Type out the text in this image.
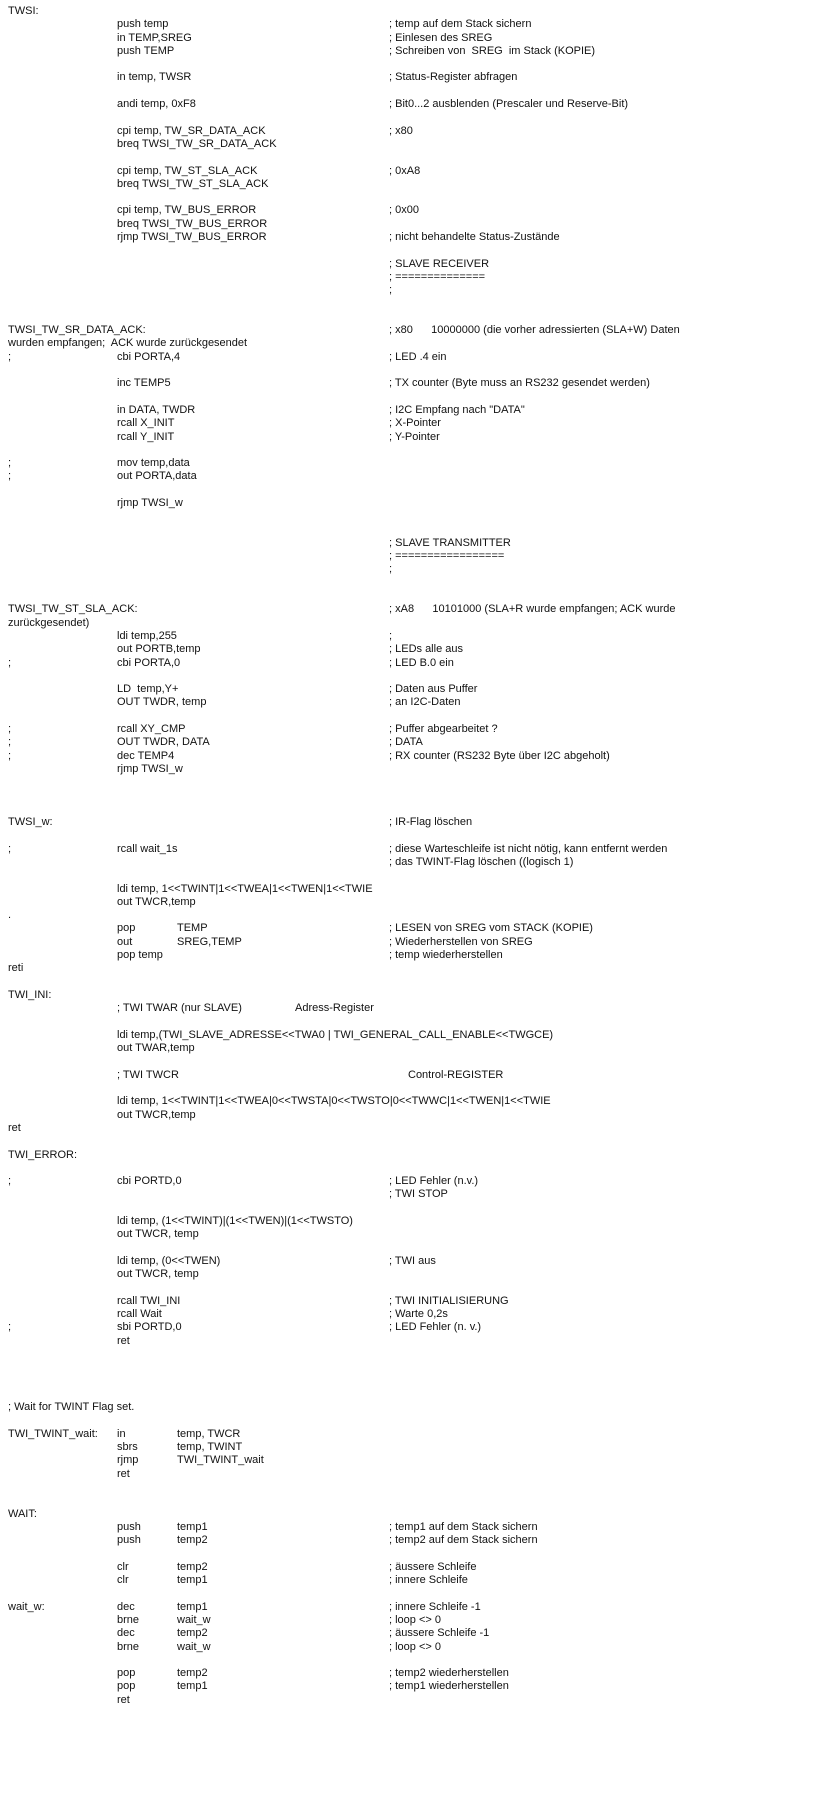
TWSI:
push temp	; temp auf dem Stack sichern
in TEMP,SREG	; Einlesen des SREG
push TEMP	; Schreiben von  SREG  im Stack (KOPIE)
in temp, TWSR	; Status-Register abfragen
andi temp, 0xF8	; Bit0...2 ausblenden (Prescaler und Reserve-Bit)
cpi temp, TW_SR_DATA_ACK	; x80
breq TWSI_TW_SR_DATA_ACK
cpi temp, TW_ST_SLA_ACK	; 0xA8
breq TWSI_TW_ST_SLA_ACK
cpi temp, TW_BUS_ERROR	; 0x00
breq TWSI_TW_BUS_ERROR
rjmp TWSI_TW_BUS_ERROR	; nicht behandelte Status-Zustände
; SLAVE RECEIVER
; ==============
;
TWSI_TW_SR_DATA_ACK:	; x80      10000000 (die vorher adressierten (SLA+W) Daten
wurden empfangen;  ACK wurde zurückgesendet
;	cbi PORTA,4	; LED .4 ein
inc TEMP5	; TX counter (Byte muss an RS232 gesendet werden)
in DATA, TWDR	; I2C Empfang nach "DATA"
rcall X_INIT	; X-Pointer
rcall Y_INIT	; Y-Pointer
;	mov temp,data
;	out PORTA,data
rjmp TWSI_w
; SLAVE TRANSMITTER
; =================
;
TWSI_TW_ST_SLA_ACK:	; xA8      10101000 (SLA+R wurde empfangen; ACK wurde
zurückgesendet)
ldi temp,255	;
out PORTB,temp	; LEDs alle aus
;	cbi PORTA,0	; LED B.0 ein
LD  temp,Y+	; Daten aus Puffer
OUT TWDR, temp	; an I2C-Daten
;	rcall XY_CMP	; Puffer abgearbeitet ?
;	OUT TWDR, DATA	; DATA
;	dec TEMP4	; RX counter (RS232 Byte über I2C abgeholt)
rjmp TWSI_w
TWSI_w:	; IR-Flag löschen
;	rcall wait_1s	; diese Warteschleife ist nicht nötig, kann entfernt werden
; das TWINT-Flag löschen ((logisch 1)
ldi temp, 1<<TWINT|1<<TWEA|1<<TWEN|1<<TWIE
out TWCR,temp
.
pop	TEMP	; LESEN von SREG vom STACK (KOPIE)
out	SREG,TEMP	; Wiederherstellen von SREG
pop temp	; temp wiederherstellen
reti
TWI_INI:
; TWI TWAR (nur SLAVE)	Adress-Register
ldi temp,(TWI_SLAVE_ADRESSE<<TWA0 | TWI_GENERAL_CALL_ENABLE<<TWGCE)
out TWAR,temp
; TWI TWCR	Control-REGISTER
ldi temp, 1<<TWINT|1<<TWEA|0<<TWSTA|0<<TWSTO|0<<TWWC|1<<TWEN|1<<TWIE
out TWCR,temp
ret
TWI_ERROR:
;	cbi PORTD,0	; LED Fehler (n.v.)
; TWI STOP
ldi temp, (1<<TWINT)|(1<<TWEN)|(1<<TWSTO)
out TWCR, temp
ldi temp, (0<<TWEN)	; TWI aus
out TWCR, temp
rcall TWI_INI	; TWI INITIALISIERUNG
rcall Wait	; Warte 0,2s
;	sbi PORTD,0	; LED Fehler (n. v.)
ret
; Wait for TWINT Flag set.
TWI_TWINT_wait: in	temp, TWCR
sbrs	temp, TWINT
rjmp	TWI_TWINT_wait
ret
WAIT:
push	temp1	; temp1 auf dem Stack sichern
push	temp2	; temp2 auf dem Stack sichern
clr	temp2	; äussere Schleife
clr	temp1	; innere Schleife
wait_w:	dec	temp1	; innere Schleife -1
brne	wait_w	; loop <> 0
dec	temp2	; äussere Schleife -1
brne	wait_w	; loop <> 0
pop	temp2	; temp2 wiederherstellen
pop	temp1	; temp1 wiederherstellen
ret
